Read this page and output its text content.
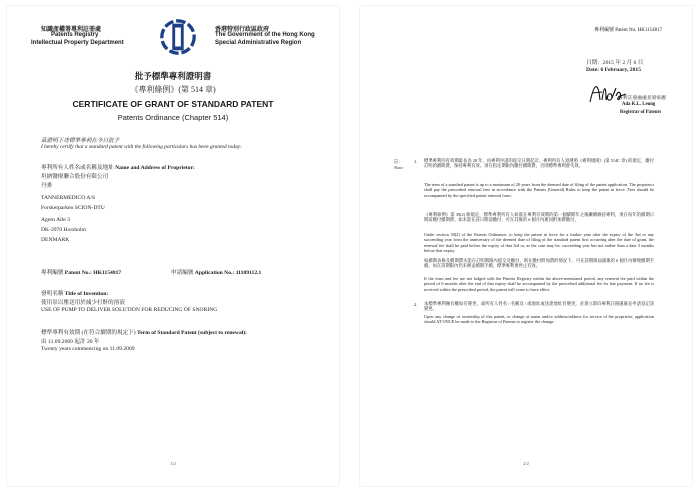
知識產權署專利註冊處
Patents Registry
Intellectual Property Department
香港特別行政區政府
The Government of the Hong Kong
Special Administrative Region
批予標準專利證明書
《專利條例》(第 514 章)
CERTIFICATE OF GRANT OF STANDARD PATENT
Patents Ordinance (Chapter 514)
茲證明下述標準專利在今日批予
I hereby certify that a standard patent with the following particulars has been granted today:
專利所有人姓名或名稱及地址 Name and Address of Proprietor:
坦納醫療聯合股份有限公司
丹麥
TANNERMEDICO A/S
Forskerparken SCION-DTU
Agern Alle 3
DK-2970 Horsholm
DENMARK
專利編號 Patent No.: HK1154817	申請編號 Application No.: 11109112.1
發明名稱 Title of Invention:
使用泵以塵送用於減少打鼾的溶液
USE OF PUMP TO DELIVER SOLUTION FOR REDUCING OF SNORING
標準專利有效期 (在符合續期的規定下) Term of Standard Patent (subject to renewal):
由 11.09.2009 起計 20 年
Twenty years commencing on 11.09.2009
1/2
專利編號 Patent No. HK1154817
日期：2015 年 2 月 6 日
Date: 6 February, 2015
專利註冊處處長梁家麗
Ada K.L. Leung
Registrar of Patents
註：
Note:
1. 標準專利的有效期最長為 20 年，由專利申請的提交日期起計。專利所有人須遵照《專利規則》(第 514C 章) 的規定，繳付訂明的續期費，保持專利有效。須在指定期限內繳付續期費，否則標準專利會失效。
The term of a standard patent is up to a maximum of 20 years from the deemed date of filing of the patent application. The proprietor shall pay the prescribed renewal fees in accordance with the Patents (General) Rules to keep the patent in force. Fees should be accompanied by the specified patent renewal form.
《專利條例》第 39(2) 條規定，標準專利所有人如欲在專利有效期的第一個續期年之後繼續維持專利，須在每年的續期日期前繳付續期費。如未能在該日期前繳付，可在其後的 6 個月內連同附加費繳付。
Under section 39(2) of the Patents Ordinance, to keep the patent in force for a further year after the expiry of the 3rd or any succeeding year from the anniversary of the deemed date of filing of the standard patent first occurring after the date of grant, the renewal fee shall be paid before the expiry of that 3rd or, as the case may be, succeeding year but not earlier than a date 3 months before that expiry.
如續期表格及續期費未能在訂明期限內提交及繳付，則在繳付附加費的情況下，可在該期限屆滿後的 6 個月內辦理續期手續，如在該期限內仍未辦妥續期手續，標準專利會停止有效。
If the form and fee are not lodged with the Patents Registry within the above-mentioned period, any renewal fee paid within the period of 6 months after the end of that expiry shall be accompanied by the prescribed additional fee for late payment. If no fee is received within the prescribed period, the patent will cease to have effect.
2. 本標準專利擁有權如有變更，或所有人姓名 / 名稱及 / 或地址或送達地址有變更，必須立即向專利註冊處處長申請登記該變更。
Upon any change of ownership of this patent, or change of name and/or address/address for service of the proprietor, application should AT ONCE be made to the Registrar of Patents to register the change.
2/2
